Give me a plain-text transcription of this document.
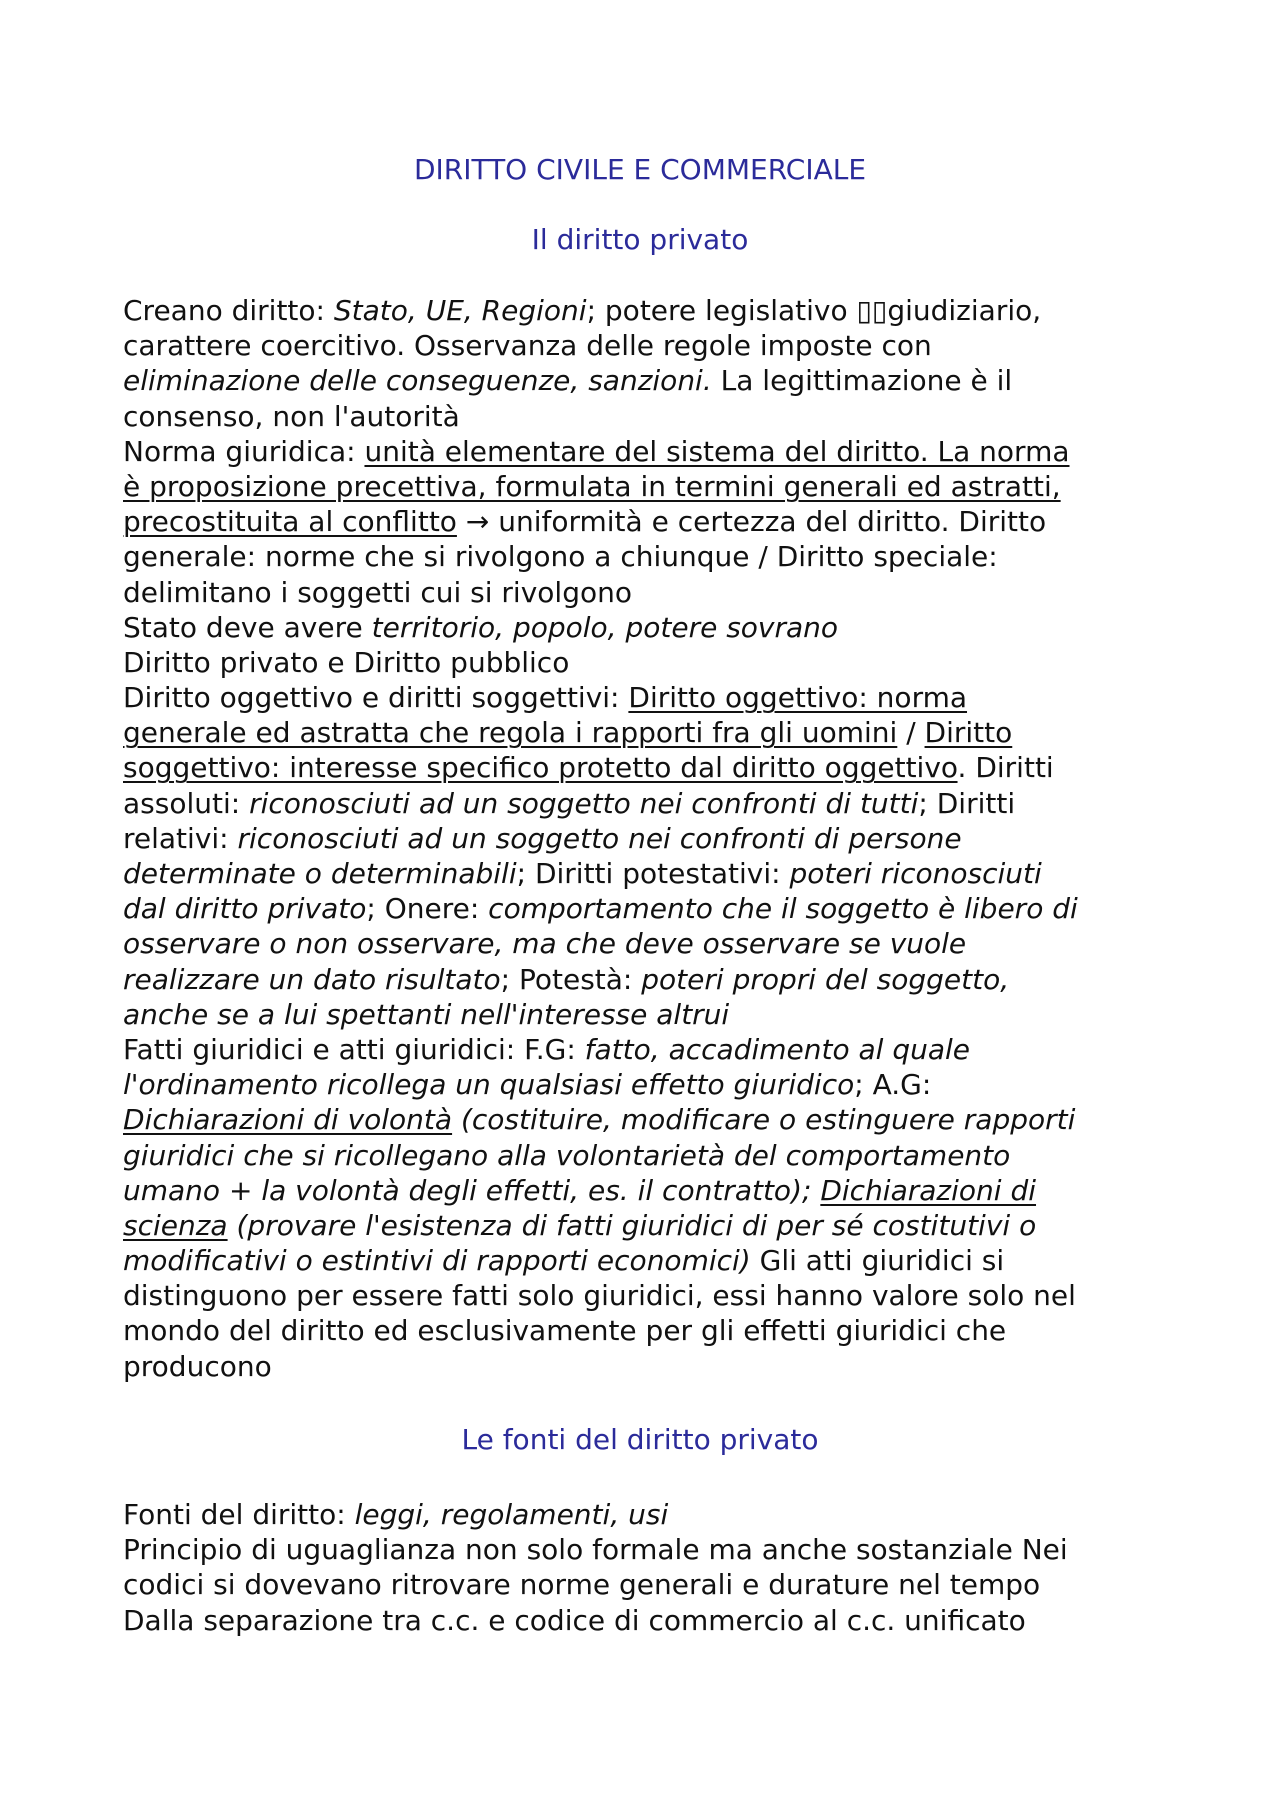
DIRITTO CIVILE E COMMERCIALE
Il diritto privato
Creano diritto: Stato, UE, Regioni; potere legislativo ▯▯giudiziario,
carattere coercitivo. Osservanza delle regole imposte con
eliminazione delle conseguenze, sanzioni. La legittimazione è il
consenso, non l'autorità
Norma giuridica: unità elementare del sistema del diritto. La norma
è proposizione precettiva, formulata in termini generali ed astratti,
precostituita al conflitto → uniformità e certezza del diritto. Diritto
generale: norme che si rivolgono a chiunque / Diritto speciale:
delimitano i soggetti cui si rivolgono
Stato deve avere territorio, popolo, potere sovrano
Diritto privato e Diritto pubblico
Diritto oggettivo e diritti soggettivi: Diritto oggettivo: norma
generale ed astratta che regola i rapporti fra gli uomini / Diritto
soggettivo: interesse specifico protetto dal diritto oggettivo. Diritti
assoluti: riconosciuti ad un soggetto nei confronti di tutti; Diritti
relativi: riconosciuti ad un soggetto nei confronti di persone
determinate o determinabili; Diritti potestativi: poteri riconosciuti
dal diritto privato; Onere: comportamento che il soggetto è libero di
osservare o non osservare, ma che deve osservare se vuole
realizzare un dato risultato; Potestà: poteri propri del soggetto,
anche se a lui spettanti nell'interesse altrui
Fatti giuridici e atti giuridici: F.G: fatto, accadimento al quale
l'ordinamento ricollega un qualsiasi effetto giuridico; A.G:
Dichiarazioni di volontà (costituire, modificare o estinguere rapporti
giuridici che si ricollegano alla volontarietà del comportamento
umano + la volontà degli effetti, es. il contratto); Dichiarazioni di
scienza (provare l'esistenza di fatti giuridici di per sé costitutivi o
modificativi o estintivi di rapporti economici) Gli atti giuridici si
distinguono per essere fatti solo giuridici, essi hanno valore solo nel
mondo del diritto ed esclusivamente per gli effetti giuridici che
producono
Le fonti del diritto privato
Fonti del diritto: leggi, regolamenti, usi
Principio di uguaglianza non solo formale ma anche sostanziale Nei
codici si dovevano ritrovare norme generali e durature nel tempo
Dalla separazione tra c.c. e codice di commercio al c.c. unificato
